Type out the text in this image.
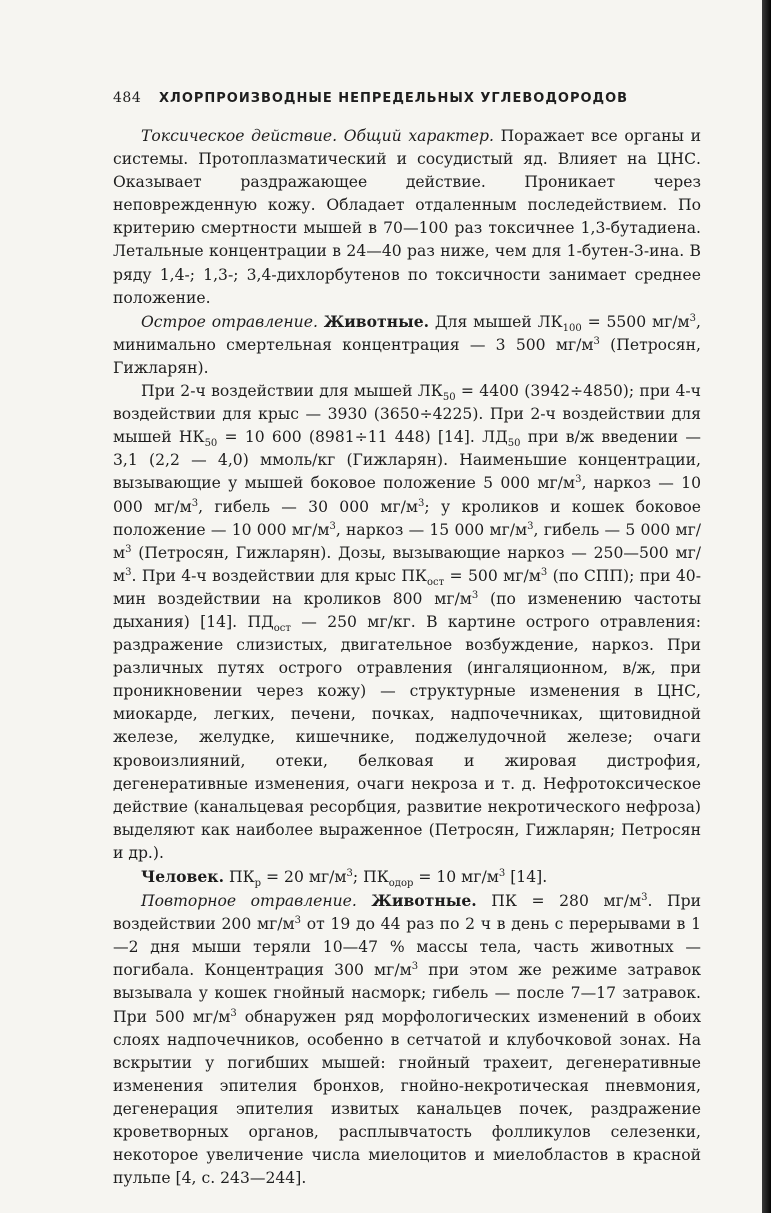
484	ХЛОРПРОИЗВОДНЫЕ НЕПРЕДЕЛЬНЫХ УГЛЕВОДОРОДОВ

Токсическое действие. Общий характер. Поражает все органы и системы. Протоплазматический и сосудистый яд. Влияет на ЦНС. Оказывает раздражающее действие. Проникает через неповрежденную кожу. Обладает отдаленным последействием. По критерию смертности мышей в 70—100 раз токсичнее 1,3-бутадиена. Летальные концентрации в 24—40 раз ниже, чем для 1-бутен-3-ина. В ряду 1,4-; 1,3-; 3,4-дихлорбутенов по токсичности занимает среднее положение.

Острое отравление. Животные. Для мышей $ЛК_{100} = 5500$ $мг/м^3$, минимально смертельная концентрация — 3 500 $мг/м^3$ (Петросян, Гижларян).

При 2-ч воздействии для мышей $ЛК_{50} = 4400$ (3942÷4850); при 4-ч воздействии для крыс — 3930 (3650÷4225). При 2-ч воздействии для мышей $НК_{50} = 10$ 600 (8981÷11 448) [14]. $ЛД_{50}$ при в/ж введении — 3,1 (2,2 — 4,0) ммоль/кг (Гижларян). Наименьшие концентрации, вызывающие у мышей боковое положение 5 000 $мг/м^3$, наркоз — 10 000 $мг/м^3$, гибель — 30 000 $мг/м^3$; у кроликов и кошек боковое положение — 10 000 $мг/м^3$, наркоз — 15 000 $мг/м^3$, гибель — 5 000 $мг/м^3$ (Петросян, Гижларян). Дозы, вызывающие наркоз — 250—500 $мг/м^3$. При 4-ч воздействии для крыс $ПК_{ост} = 500$ $мг/м^3$ (по СПП); при 40-мин воздействии на кроликов 800 $мг/м^3$ (по изменению частоты дыхания) [14]. $ПД_{ост}$ — 250 мг/кг. В картине острого отравления: раздражение слизистых, двигательное возбуждение, наркоз. При различных путях острого отравления (ингаляционном, в/ж, при проникновении через кожу) — структурные изменения в ЦНС, миокарде, легких, печени, почках, надпочечниках, щитовидной железе, желудке, кишечнике, поджелудочной железе; очаги кровоизлияний, отеки, белковая и жировая дистрофия, дегенеративные изменения, очаги некроза и т. д. Нефротоксическое действие (канальцевая ресорбция, развитие некротического нефроза) выделяют как наиболее выраженное (Петросян, Гижларян; Петросян и др.).

Человек. $ПК_р = 20$ $мг/м^3$; $ПК_{одор} = 10$ $мг/м^3$ [14].

Повторное отравление. Животные. ПК = 280 $мг/м^3$. При воздействии 200 $мг/м^3$ от 19 до 44 раз по 2 ч в день с перерывами в 1—2 дня мыши теряли 10—47 % массы тела, часть животных — погибала. Концентрация 300 $мг/м^3$ при этом же режиме затравок вызывала у кошек гнойный насморк; гибель — после 7—17 затравок. При 500 $мг/м^3$ обнаружен ряд морфологических изменений в обоих слоях надпочечников, особенно в сетчатой и клубочковой зонах. На вскрытии у погибших мышей: гнойный трахеит, дегенеративные изменения эпителия бронхов, гнойно-некротическая пневмония, дегенерация эпителия извитых канальцев почек, раздражение кроветворных органов, расплывчатость фолликулов селезенки, некоторое увеличение числа миелоцитов и миелобластов в красной пульпе [4, с. 243—244].
